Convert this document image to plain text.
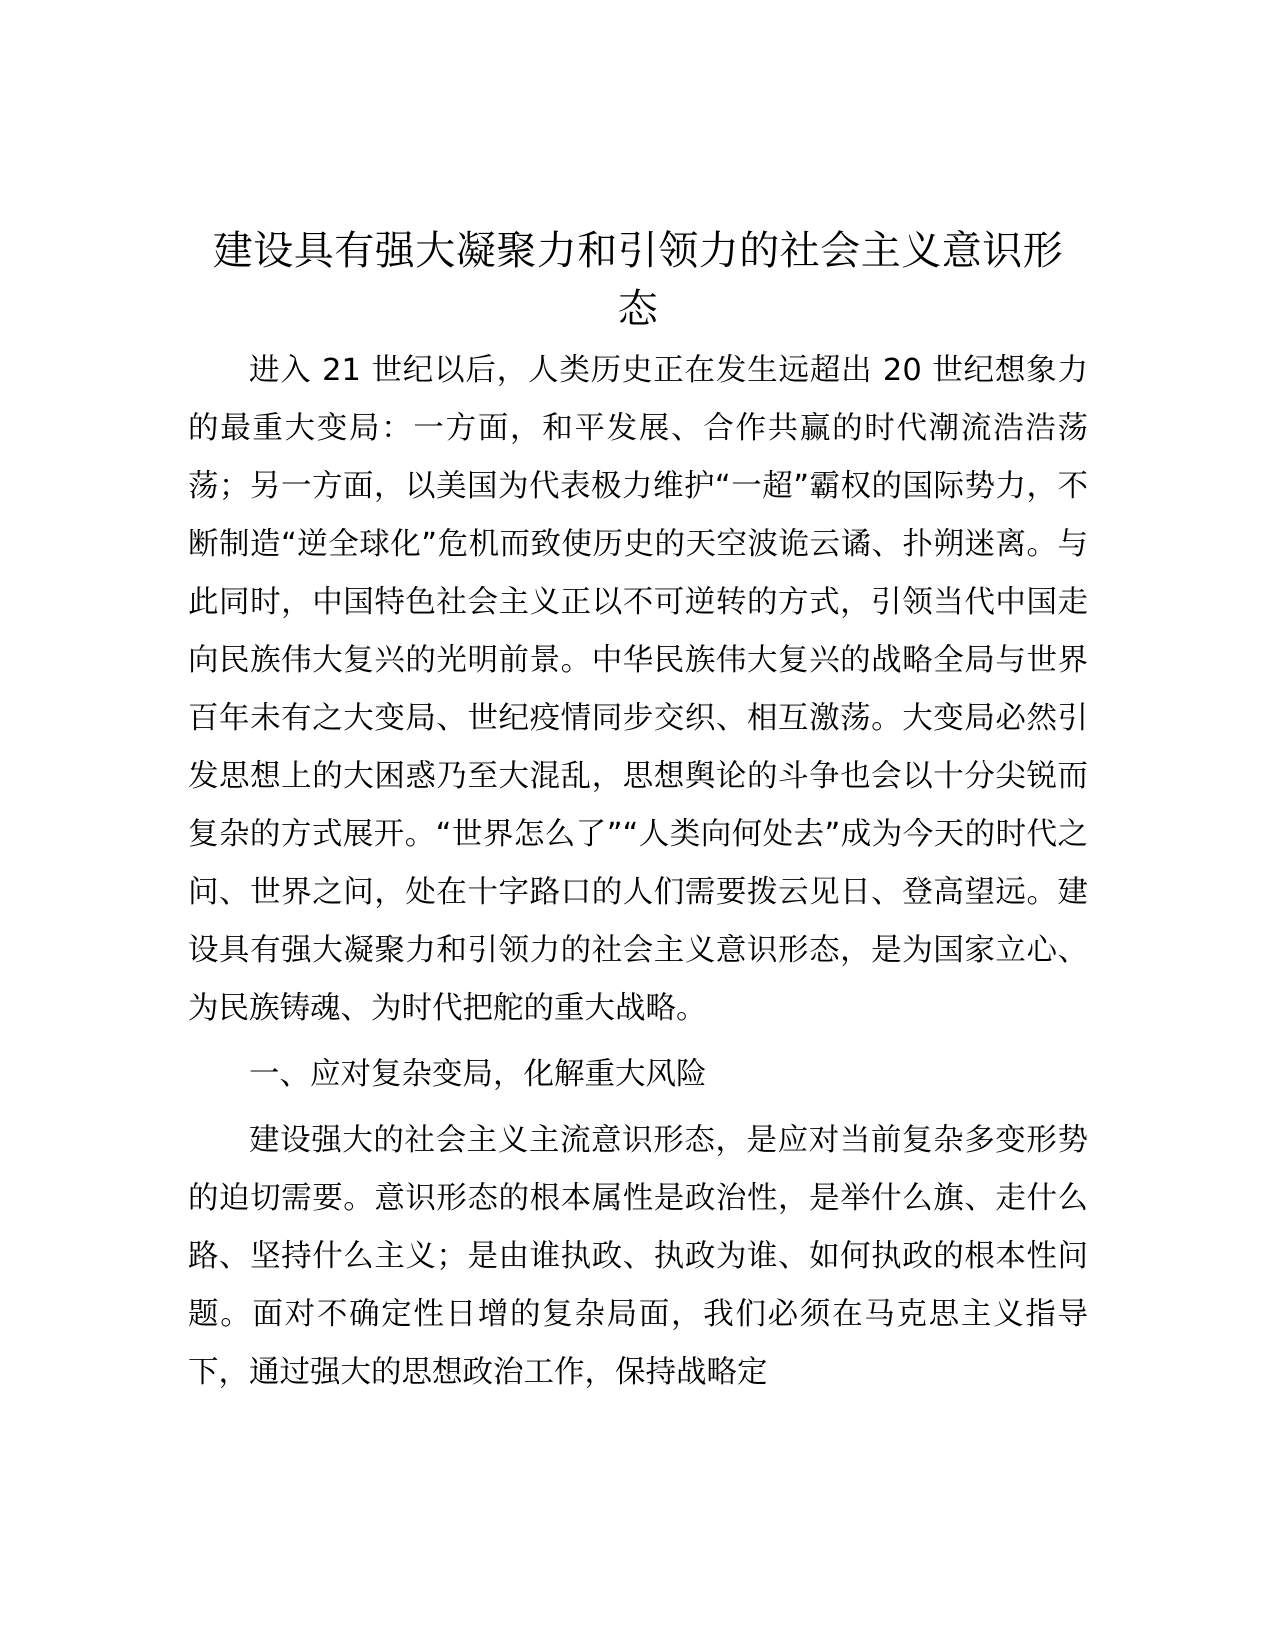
建设具有强大凝聚力和引领力的社会主义意识形态

进入 21 世纪以后，人类历史正在发生远超出 20 世纪想象力的最重大变局：一方面，和平发展、合作共赢的时代潮流浩浩荡荡；另一方面，以美国为代表极力维护“一超”霸权的国际势力，不断制造“逆全球化”危机而致使历史的天空波诡云谲、扑朔迷离。与此同时，中国特色社会主义正以不可逆转的方式，引领当代中国走向民族伟大复兴的光明前景。中华民族伟大复兴的战略全局与世界百年未有之大变局、世纪疫情同步交织、相互激荡。大变局必然引发思想上的大困惑乃至大混乱，思想舆论的斗争也会以十分尖锐而复杂的方式展开。“世界怎么了”“人类向何处去”成为今天的时代之问、世界之问，处在十字路口的人们需要拨云见日、登高望远。建设具有强大凝聚力和引领力的社会主义意识形态，是为国家立心、为民族铸魂、为时代把舵的重大战略。

一、应对复杂变局，化解重大风险

建设强大的社会主义主流意识形态，是应对当前复杂多变形势的迫切需要。意识形态的根本属性是政治性，是举什么旗、走什么路、坚持什么主义；是由谁执政、执政为谁、如何执政的根本性问题。面对不确定性日增的复杂局面，我们必须在马克思主义指导下，通过强大的思想政治工作，保持战略定
